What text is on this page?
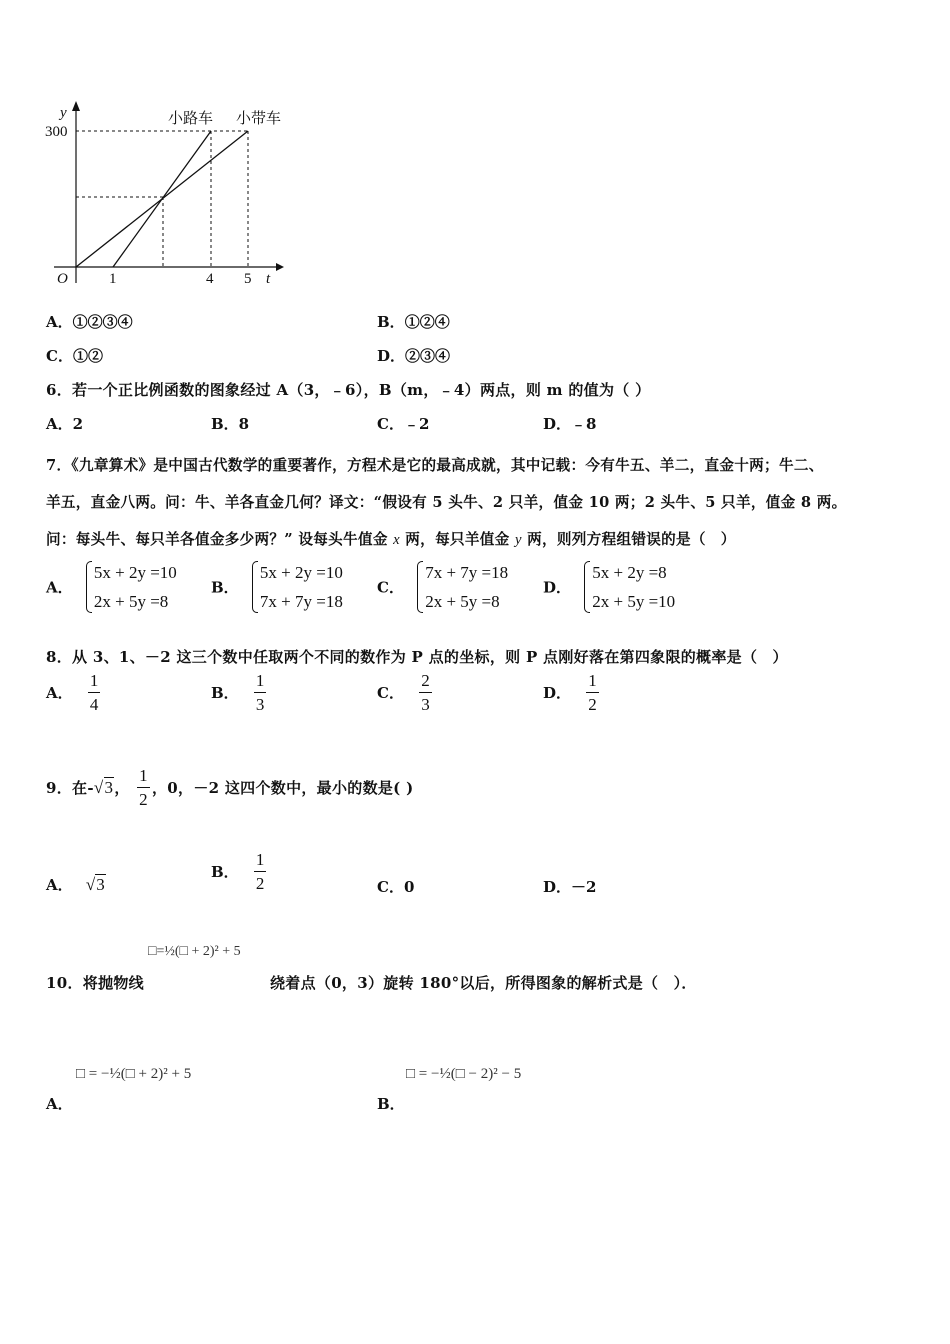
y
t
O
300
1	4 5
小路车 小带车
A．①②③④	B．①②④
C．①②	D．②③④
6．若一个正比例函数的图象经过 A（3，﹣6），B（m，﹣4）两点，则 m 的值为（ ）
A．2	B．8	C．﹣2	D．﹣8
7．《九章算术》是中国古代数学的重要著作，方程术是它的最高成就，其中记载：今有牛五、羊二，直金十两；牛二、
羊五，直金八两。问：牛、羊各直金几何？译文：“假设有 5 头牛、2 只羊，值金 10 两；2 头牛、5 只羊，值金 8 两。
问：每头牛、每只羊各值金多少两？” 设每头牛值金 x 两，每只羊值金 y 两，则列方程组错误的是（　）
A．
5x + 2y =10
2x + 5y =8
B．
5x + 2y =10
7x + 7y =18
C．
7x + 7y =18
2x + 5y =8
D．
5x + 2y =8
2x + 5y =10
8．从 3、1、－2 这三个数中任取两个不同的数作为 P 点的坐标，则 P 点刚好落在第四象限的概率是（　）
A． $\frac{1}{4}$	B． $\frac{1}{3}$	C． $\frac{2}{3}$	D． $\frac{1}{2}$
9．在-√3， $\frac{1}{2}$ ，0，－2 这四个数中，最小的数是( )
A． √3
B． $\frac{1}{2}$	C．0	D．－2
□=½(□ + 2)² + 5
10．将抛物线	绕着点（0，3）旋转 180°以后，所得图象的解析式是（　）．
□ = −½(□ + 2)² + 5
A．
□ = −½(□ − 2)² − 5
B．
